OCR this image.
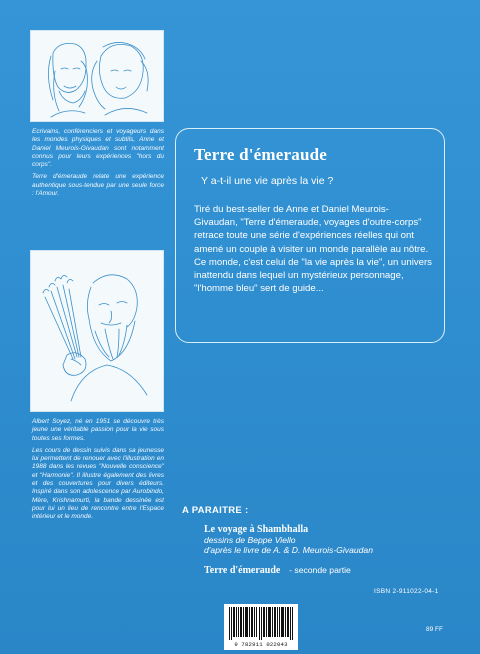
Ecrivains, conférenciers et voyageurs dans les mondes physiques et subtils, Anne et Daniel Meurois-Givaudan sont notamment connus pour leurs expériences "hors du corps".

Terre d'émeraude relate une expérience authentique sous-tendue par une seule force : l'Amour.

Terre d'émeraude
Y a-t-il une vie après la vie ?

Tiré du best-seller de Anne et Daniel Meurois-Givaudan, "Terre d'émeraude, voyages d'outre-corps" retrace toute une série d'expériences réelles qui ont amené un couple à visiter un monde parallèle au nôtre. Ce monde, c'est celui de "la vie après la vie", un univers inattendu dans lequel un mystérieux personnage, "l'homme bleu" sert de guide...

Albert Soyez, né en 1951 se découvre très jeune une véritable passion pour la vie sous toutes ses formes.

Les cours de dessin suivis dans sa jeunesse lui permettent de renouer avec l'illustration en 1988 dans les revues "Nouvelle conscience" et "Harmonie". Il illustre également des livres et des couvertures pour divers éditeurs. Inspiré dans son adolescence par Aurobindo, Mère, Krishnamurti, la bande dessinée est pour lui un lieu de rencontre entre l'Espace intérieur et le monde.

A PARAITRE :
Le voyage à Shambhalla
dessins de Beppe Viello
d'après le livre de A. & D. Meurois-Givaudan
Terre d'émeraude - seconde partie
ISBN 2-911022-04-1
9 782911 022043
89 FF
